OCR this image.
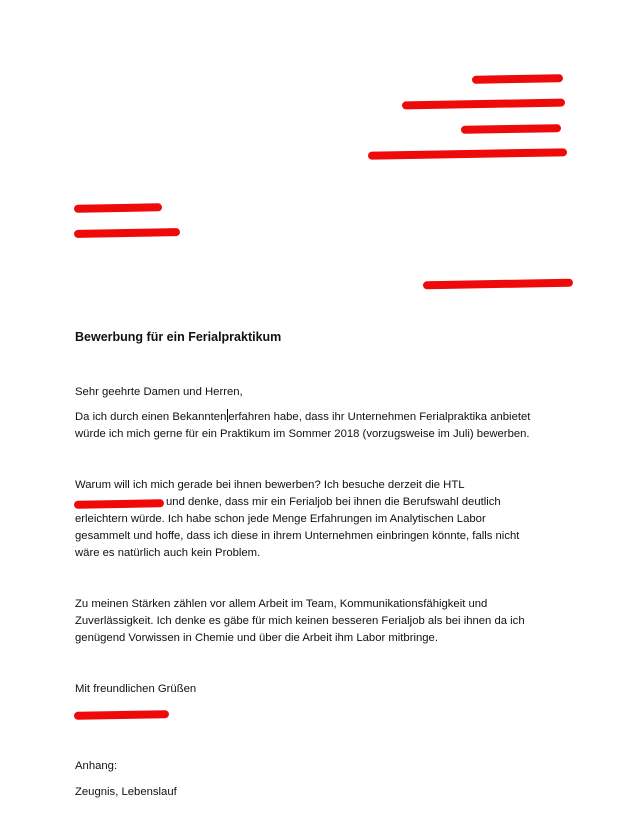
Bewerbung für ein Ferialpraktikum
Sehr geehrte Damen und Herren,
Da ich durch einen Bekannten erfahren habe, dass ihr Unternehmen Ferialpraktika anbietet
würde ich mich gerne für ein Praktikum im Sommer 2018 (vorzugsweise im Juli) bewerben.
Warum will ich mich gerade bei ihnen bewerben? Ich besuche derzeit die HTL
und denke, dass mir ein Ferialjob bei ihnen die Berufswahl deutlich
erleichtern würde. Ich habe schon jede Menge Erfahrungen im Analytischen Labor
gesammelt und hoffe, dass ich diese in ihrem Unternehmen einbringen könnte, falls nicht
wäre es natürlich auch kein Problem.
Zu meinen Stärken zählen vor allem Arbeit im Team, Kommunikationsfähigkeit und
Zuverlässigkeit. Ich denke es gäbe für mich keinen besseren Ferialjob als bei ihnen da ich
genügend Vorwissen in Chemie und über die Arbeit ihm Labor mitbringe.
Mit freundlichen Grüßen
Anhang:
Zeugnis, Lebenslauf
